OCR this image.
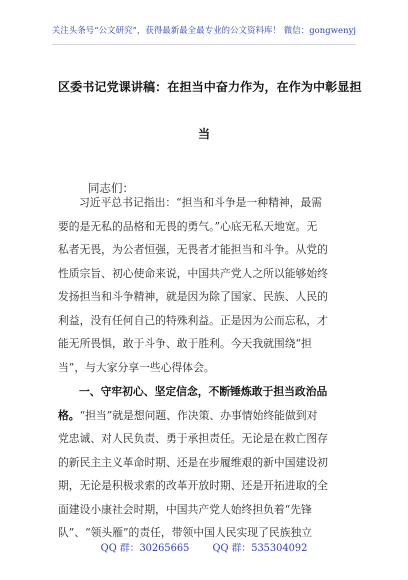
关注头条号“公文研究”，获得最新最全最专业的公文资料库！ 微信：gongwenyj
区委书记党课讲稿：在担当中奋力作为，在作为中彰显担
当
同志们：
习近平总书记指出：“担当和斗争是一种精神，最需
要的是无私的品格和无畏的勇气。”心底无私天地宽。无
私者无畏，为公者恒强，无畏者才能担当和斗争。从党的
性质宗旨、初心使命来说，中国共产党人之所以能够始终
发扬担当和斗争精神，就是因为除了国家、民族、人民的
利益，没有任何自己的特殊利益。正是因为公而忘私，才
能无所畏惧，敢于斗争、敢于胜利。今天我就围绕“担
当”，与大家分享一些心得体会。
一、守牢初心、坚定信念，不断锤炼敢于担当政治品
格。“担当”就是想问题、作决策、办事情始终能做到对
党忠诚、对人民负责、勇于承担责任。无论是在救亡图存
的新民主主义革命时期、还是在步履维艰的新中国建设初
期，无论是积极求索的改革开放时期、还是开拓进取的全
面建设小康社会时期，中国共产党人始终担负着“先锋
队”、“领头雁”的责任，带领中国人民实现了民族独立
QQ 群：30265665 QQ 群：535304092
